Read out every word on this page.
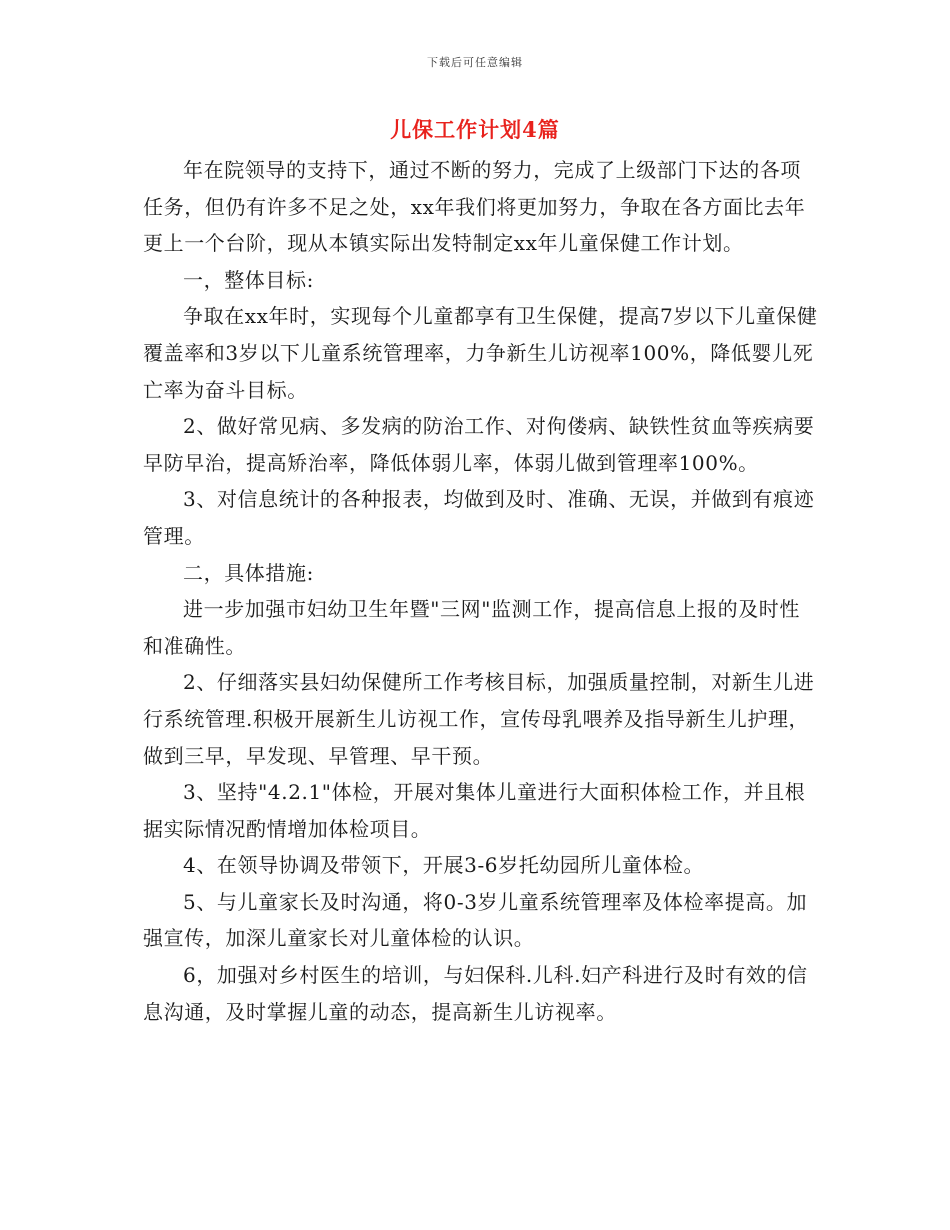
下载后可任意编辑
儿保工作计划4篇

年在院领导的支持下，通过不断的努力，完成了上级部门下达的各项任务，但仍有许多不足之处，xx年我们将更加努力，争取在各方面比去年更上一个台阶，现从本镇实际出发特制定xx年儿童保健工作计划。

一，整体目标:

争取在xx年时，实现每个儿童都享有卫生保健，提高7岁以下儿童保健覆盖率和3岁以下儿童系统管理率，力争新生儿访视率100%，降低婴儿死亡率为奋斗目标。

2、做好常见病、多发病的防治工作、对佝偻病、缺铁性贫血等疾病要早防早治，提高矫治率，降低体弱儿率，体弱儿做到管理率100%。

3、对信息统计的各种报表，均做到及时、准确、无误，并做到有痕迹管理。

二，具体措施:

进一步加强市妇幼卫生年暨"三网"监测工作，提高信息上报的及时性和准确性。

2、仔细落实县妇幼保健所工作考核目标，加强质量控制，对新生儿进行系统管理.积极开展新生儿访视工作，宣传母乳喂养及指导新生儿护理，做到三早，早发现、早管理、早干预。

3、坚持"4.2.1"体检，开展对集体儿童进行大面积体检工作，并且根据实际情况酌情增加体检项目。

4、在领导协调及带领下，开展3-6岁托幼园所儿童体检。

5、与儿童家长及时沟通，将0-3岁儿童系统管理率及体检率提高。加强宣传，加深儿童家长对儿童体检的认识。

6，加强对乡村医生的培训，与妇保科.儿科.妇产科进行及时有效的信息沟通，及时掌握儿童的动态，提高新生儿访视率。
